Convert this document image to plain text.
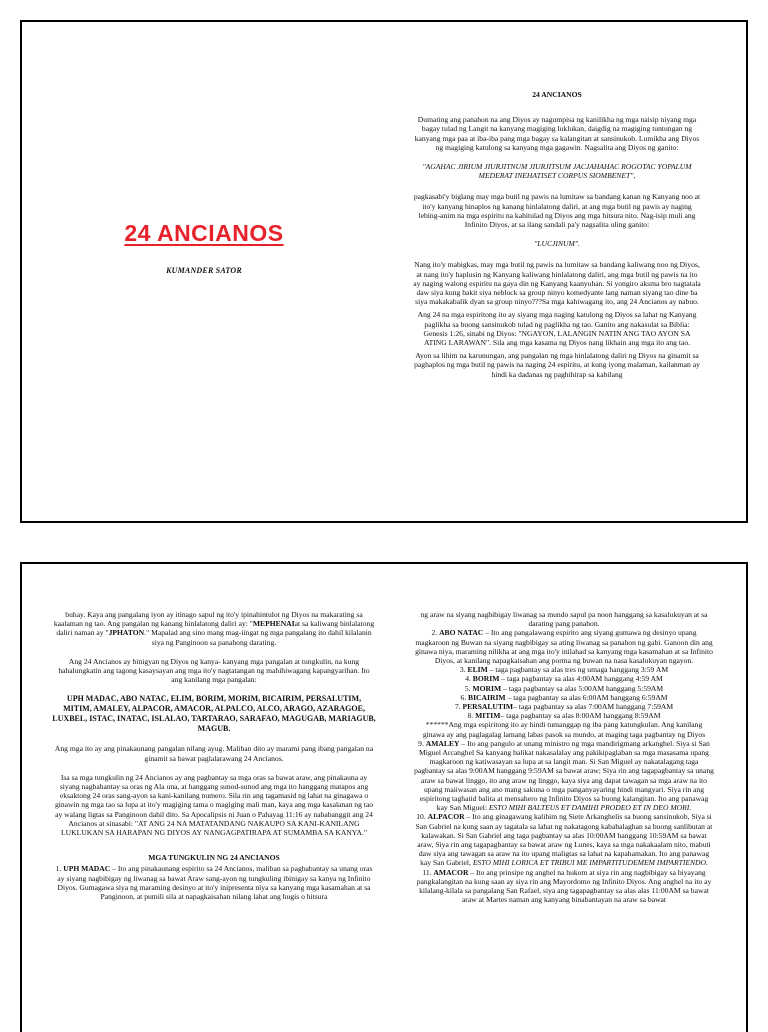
24 ANCIANOS
KUMANDER SATOR

24 ANCIANOS

Dumating ang panahon na ang Diyos ay nagumpisa ng kanilikha ng mga naisip niyang mga bagay tulad ng Langit na kanyang magiging luklukan, daigdig na magiging tuntungan ng kanyang mga paa at iba-iba pang mga bagay sa kalangitan at sansinukob. Lumikha ang Diyos ng magiging katulong sa kanyang mga gagawin. Nagsalita ang Diyos ng ganito:

"AGAHAC JIRIUM JIURJITNUM JIURJITSUM JACJAHAHAC ROGOTAC YOPALUM MEDERAT INEHATISET CORPUS SIOMBENET",

pagkasabi'y biglang may mga butil ng pawis na lumitaw sa bandang kanan ng Kanyang noo at ito'y kanyang hinaplos ng kanang hinlalatong daliri, at ang mga butil ng pawis ay naging lebing-anim na mga espiritu na kahitulad ng Diyos ang mga hitsura nito. Nag-isip muli ang Infinito Diyos, at sa ilang sandali pa'y nagsalita uling ganito:

"LUCJINUM".

Nang ito'y mabigkas, may mga butil ng pawis na lumitaw sa bandang kaliwang noo ng Diyos, at nang ito'y haplusin ng Kanyang kaliwang hinlalatong daliri, ang mga butil ng pawis na ito ay naging walong espiritu na gaya din ng Kanyang kaanyuhan. Si yongiro aksma bro nagtatala daw siya kung bakit siya neblock sa group ninyo komedyante lang naman siyang tao dine ba siya makakabalik dyan sa group ninyo???Sa mga kahiwagang ito, ang 24 Ancianos ay nabuo.

Ang 24 na mga espiritong ito ay siyang mga naging katulong ng Diyos sa lahat ng Kanyang paglikha sa buong sansinukob tulad ng paglikha ng tao. Ganito ang nakasulat sa Biblia: Genesis 1:26, sinabi ng Diyos: "NGAYON, LALANGIN NATIN ANG TAO AYON SA ATING LARAWAN". Sila ang mga kasama ng Diyos nang likhain ang mga ito ang tao.

Ayon sa lihim na karunungan, ang pangalan ng mga hinlalatong daliri ng Diyos na ginamit sa paghaplos ng mga butil ng pawis na naging 24 espiritu, at kung iyong malaman, kailanman ay hindi ka dadanas ng paghihirap sa kabilang

buhay. Kaya ang pangalang iyon ay itinago sapul ng ito'y ipinahintulot ng Diyos na makarating sa kaalaman ng tao. Ang pangalan ng kanang hinlalatong daliri ay: "MEPHENAIat sa kaliwang hinlalatong daliri naman ay "JPHATON." Mapalad ang sino mang mag-iingat ng mga pangalang ito dahil kilalanin siya ng Panginoon sa panahong darating.

Ang 24 Ancianos ay binigyan ng Diyos ng kanya- kanyang mga pangalan at tungkulin, na kung hahalungkatin ang tagong kasaysayan ang mga ito'y nagtatangan ng mahihiwagang kapangyarihan. Ito ang kanilang mga pangalan:

UPH MADAC, ABO NATAC, ELIM, BORIM, MORIM, BICAIRIM, PERSALUTIM, MITIM, AMALEY, ALPACOR, AMACOR, ALPALCO, ALCO, ARAGO, AZARAGOE, LUXBEL, ISTAC, INATAC, ISLALAO, TARTARAO, SARAFAO, MAGUGAB, MARIAGUB, MAGUB.

Ang mga ito ay ang pinakaunang pangalan nilang ayug. Maliban dito ay marami pang ibang pangalan na ginamit sa bawat paglalarawang 24 Ancianos.

Isa sa mga tungkulin ng 24 Ancianos ay ang pagbantay sa mga oras sa bawat araw, ang pinakauna ay siyang nagbabantay sa oras ng Ala una, at hanggang sunod-sunod ang mga ito hanggang matapos ang eksaktong 24 oras sang-ayon sa kani-kanilang numero. Sila rin ang tagamasid ng lahat na ginagawa o ginawin ng mga tao sa lupa at ito'y magiging tama o magiging mali man, kaya ang mga kasalanan ng tao ay walang ligtas sa Panginoon dahil dito. Sa Apocalipsis ni Juan o Pahayag 11:16 ay nababanggit ang 24 Ancianos at sinasabi: "AT ANG 24 NA MATATANDANG NAKAUPO SA KANI-KANILANG LUKLUKAN SA HARAPAN NG DIYOS AY NANGAGPATIRAPA AT SUMAMBA SA KANYA."

MGA TUNGKULIN NG 24 ANCIANOS

1. UPH MADAC – Ito ang pinakaunang espirito sa 24 Ancianos, maliban sa pagbabantay sa unang oras ay siyang nagbibigay ng liwanag sa bawat Araw sang-ayon ng tungkuling ibinigay sa kanya ng Infinito Diyos. Gumagawa siya ng maraming desinyo at ito'y inipresenta niya sa kanyang mga kasamahan at sa Panginoon, at pumili sila at napagkaisahan nilang lahat ang hugis o hitsura

ng araw na siyang nagbibigay liwanag sa mundo sapul pa noon hanggang sa kasalukuyan at sa darating pang panahon.

2. ABO NATAC – Ito ang pangalawang espirito ang siyang gumawa ng desinyo upang magkaroon ng Buwan na siyang nagbibigay sa ating liwanag sa panahon ng gabi. Ganoon din ang ginawa niya, maraming nilikha at ang mga ito'y inilahad sa kanyang mga kasamahan at sa Infinito Diyos, at kanilang napagkaisahan ang porma ng buwan na nasa kasalukuyan ngayon.

3. ELIM – taga pagbantay sa alas tres ng umaga hanggang 3:59 AM

4. BORIM – taga pagbantay sa alas 4:00AM hanggang 4:59 AM

5. MORIM – taga pagbantay sa alas 5:00AM hanggang 5:59AM

6. BICAIRIM – taga pagbantay sa alas 6:00AM hanggang 6:59AM

7. PERSALUTIM– taga pagbantay sa alas 7:00AM hanggang 7:59AM

8. MITIM– taga pagbantay sa alas 8:00AM hanggang 8:59AM

******Ang mga espiritong ito ay hindi tumanggap ng iba pang katungkulan. Ang kanilang ginawa ay ang paglagalag lamang labas pasok sa mundo, at maging taga pagbantay ng Diyos

9. AMALEY – Ito ang pangulo at unang ministro ng mga mandirigmang arkanghel. Siya si San Miguel Arcanghel Sa kanyang balikat nakasalalay ang pakikipaglaban sa mga masasama upang magkaroon ng katiwasayan sa lupa at sa langit man. Si San Miguel ay nakatalagang taga pagbantay sa alas 9:00AM hanggang 9:59AM sa bawat araw; Siya rin ang tagapagbantay sa unang araw sa bawat linggo, ito ang araw ng linggo, kaya siya ang dapat tawagan sa mga araw na ito upang maiiwasan ang ano mang sakuna o mga panganyayaring hindi mangyari. Siya rin ang espiritong taghatid balita at mensahero ng Infinito Diyos sa buong kalangitan. Ito ang panawag kay San Miguel: ESTO MIHI BALTEUS ET DAMIHI PRODEO ET IN DEO MORI.

10. ALPACOR – Ito ang ginagawang kalihim ng Siete Arkanghelis sa buong sansinukob, Siya si San Gabriel na kung saan ay tagatala sa lahat ng nakatagong kababalaghan sa buong sanlibutan at kalawakan. Si San Gabriel ang taga pagbantay sa alas 10:00AM hanggang 10:59AM sa bawat araw, Siya rin ang tagapagbantay sa bawat araw ng Lunes, kaya sa mga nakakaalam nito, mabuti daw siya ang tawagan sa araw na ito upang maligtas sa lahat na kapahamakan. Ito ang panawag kay San Gabriel, ESTO MIHI LORICA ET TRIBUI ME IMPARTITUDEMEM IMPARTIENDO.

11. AMACOR – Ito ang prinsipe ng anghel na hukom at siya rin ang nagbibigay sa biyayang pangkalangitan na kung saan ay siya rin ang Mayordomo ng Infinito Diyos. Ang anghel na ito ay kilalang-kilala sa pangalang San Rafael, siya ang tagapagbantay sa alas alas 11:00AM sa bawat araw at Martes naman ang kanyang binabantayan na araw sa bawat
